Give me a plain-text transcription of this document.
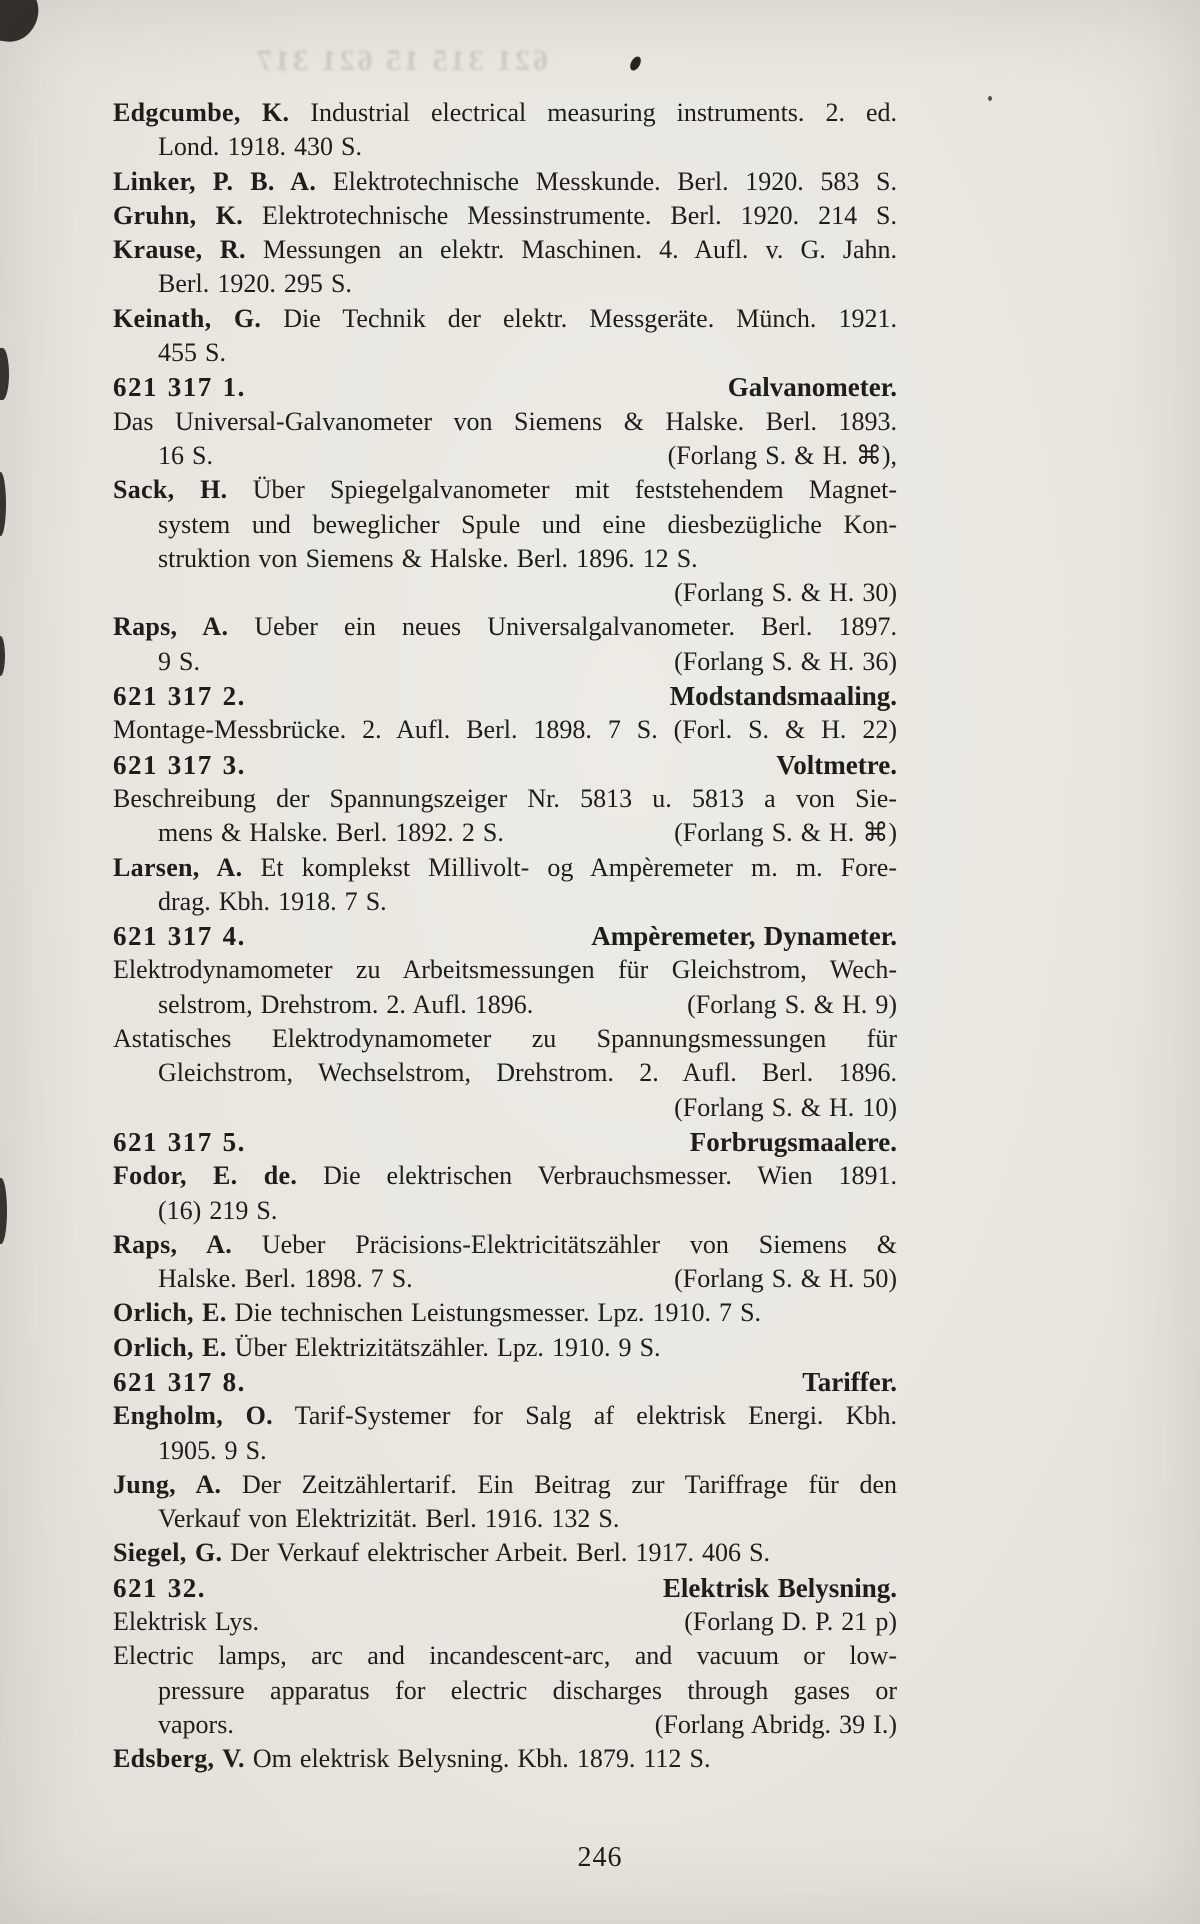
621 315 15 621 317
Edgcumbe, K. Industrial electrical measuring instruments. 2. ed.
Lond. 1918. 430 S.
Linker, P. B. A. Elektrotechnische Messkunde. Berl. 1920. 583 S.
Gruhn, K. Elektrotechnische Messinstrumente. Berl. 1920. 214 S.
Krause, R. Messungen an elektr. Maschinen. 4. Aufl. v. G. Jahn.
Berl. 1920. 295 S.
Keinath, G. Die Technik der elektr. Messgeräte. Münch. 1921.
455 S.
621 317 1.	Galvanometer.
Das Universal-Galvanometer von Siemens & Halske. Berl. 1893.
16 S.	(Forlang S. & H. ⌘),
Sack, H. Über Spiegelgalvanometer mit feststehendem Magnet-
system und beweglicher Spule und eine diesbezügliche Kon-
struktion von Siemens & Halske. Berl. 1896. 12 S.
(Forlang S. & H. 30)
Raps, A. Ueber ein neues Universalgalvanometer. Berl. 1897.
9 S.	(Forlang S. & H. 36)
621 317 2.	Modstandsmaaling.
Montage-Messbrücke. 2. Aufl. Berl. 1898. 7 S. (Forl. S. & H. 22)
621 317 3.	Voltmetre.
Beschreibung der Spannungszeiger Nr. 5813 u. 5813 a von Sie-
mens & Halske. Berl. 1892. 2 S.	(Forlang S. & H. ⌘)
Larsen, A. Et komplekst Millivolt- og Ampèremeter m. m. Fore-
drag. Kbh. 1918. 7 S.
621 317 4.	Ampèremeter, Dynameter.
Elektrodynamometer zu Arbeitsmessungen für Gleichstrom, Wech-
selstrom, Drehstrom. 2. Aufl. 1896.	(Forlang S. & H. 9)
Astatisches Elektrodynamometer zu Spannungsmessungen für
Gleichstrom, Wechselstrom, Drehstrom. 2. Aufl. Berl. 1896.
(Forlang S. & H. 10)
621 317 5.	Forbrugsmaalere.
Fodor, E. de. Die elektrischen Verbrauchsmesser. Wien 1891.
(16) 219 S.
Raps, A. Ueber Präcisions-Elektricitätszähler von Siemens &
Halske. Berl. 1898. 7 S.	(Forlang S. & H. 50)
Orlich, E. Die technischen Leistungsmesser. Lpz. 1910. 7 S.
Orlich, E. Über Elektrizitätszähler. Lpz. 1910. 9 S.
621 317 8.	Tariffer.
Engholm, O. Tarif-Systemer for Salg af elektrisk Energi. Kbh.
1905. 9 S.
Jung, A. Der Zeitzählertarif. Ein Beitrag zur Tariffrage für den
Verkauf von Elektrizität. Berl. 1916. 132 S.
Siegel, G. Der Verkauf elektrischer Arbeit. Berl. 1917. 406 S.
621 32.	Elektrisk Belysning.
Elektrisk Lys.	(Forlang D. P. 21 p)
Electric lamps, arc and incandescent-arc, and vacuum or low-
pressure apparatus for electric discharges through gases or
vapors.	(Forlang Abridg. 39 I.)
Edsberg, V. Om elektrisk Belysning. Kbh. 1879. 112 S.
246
